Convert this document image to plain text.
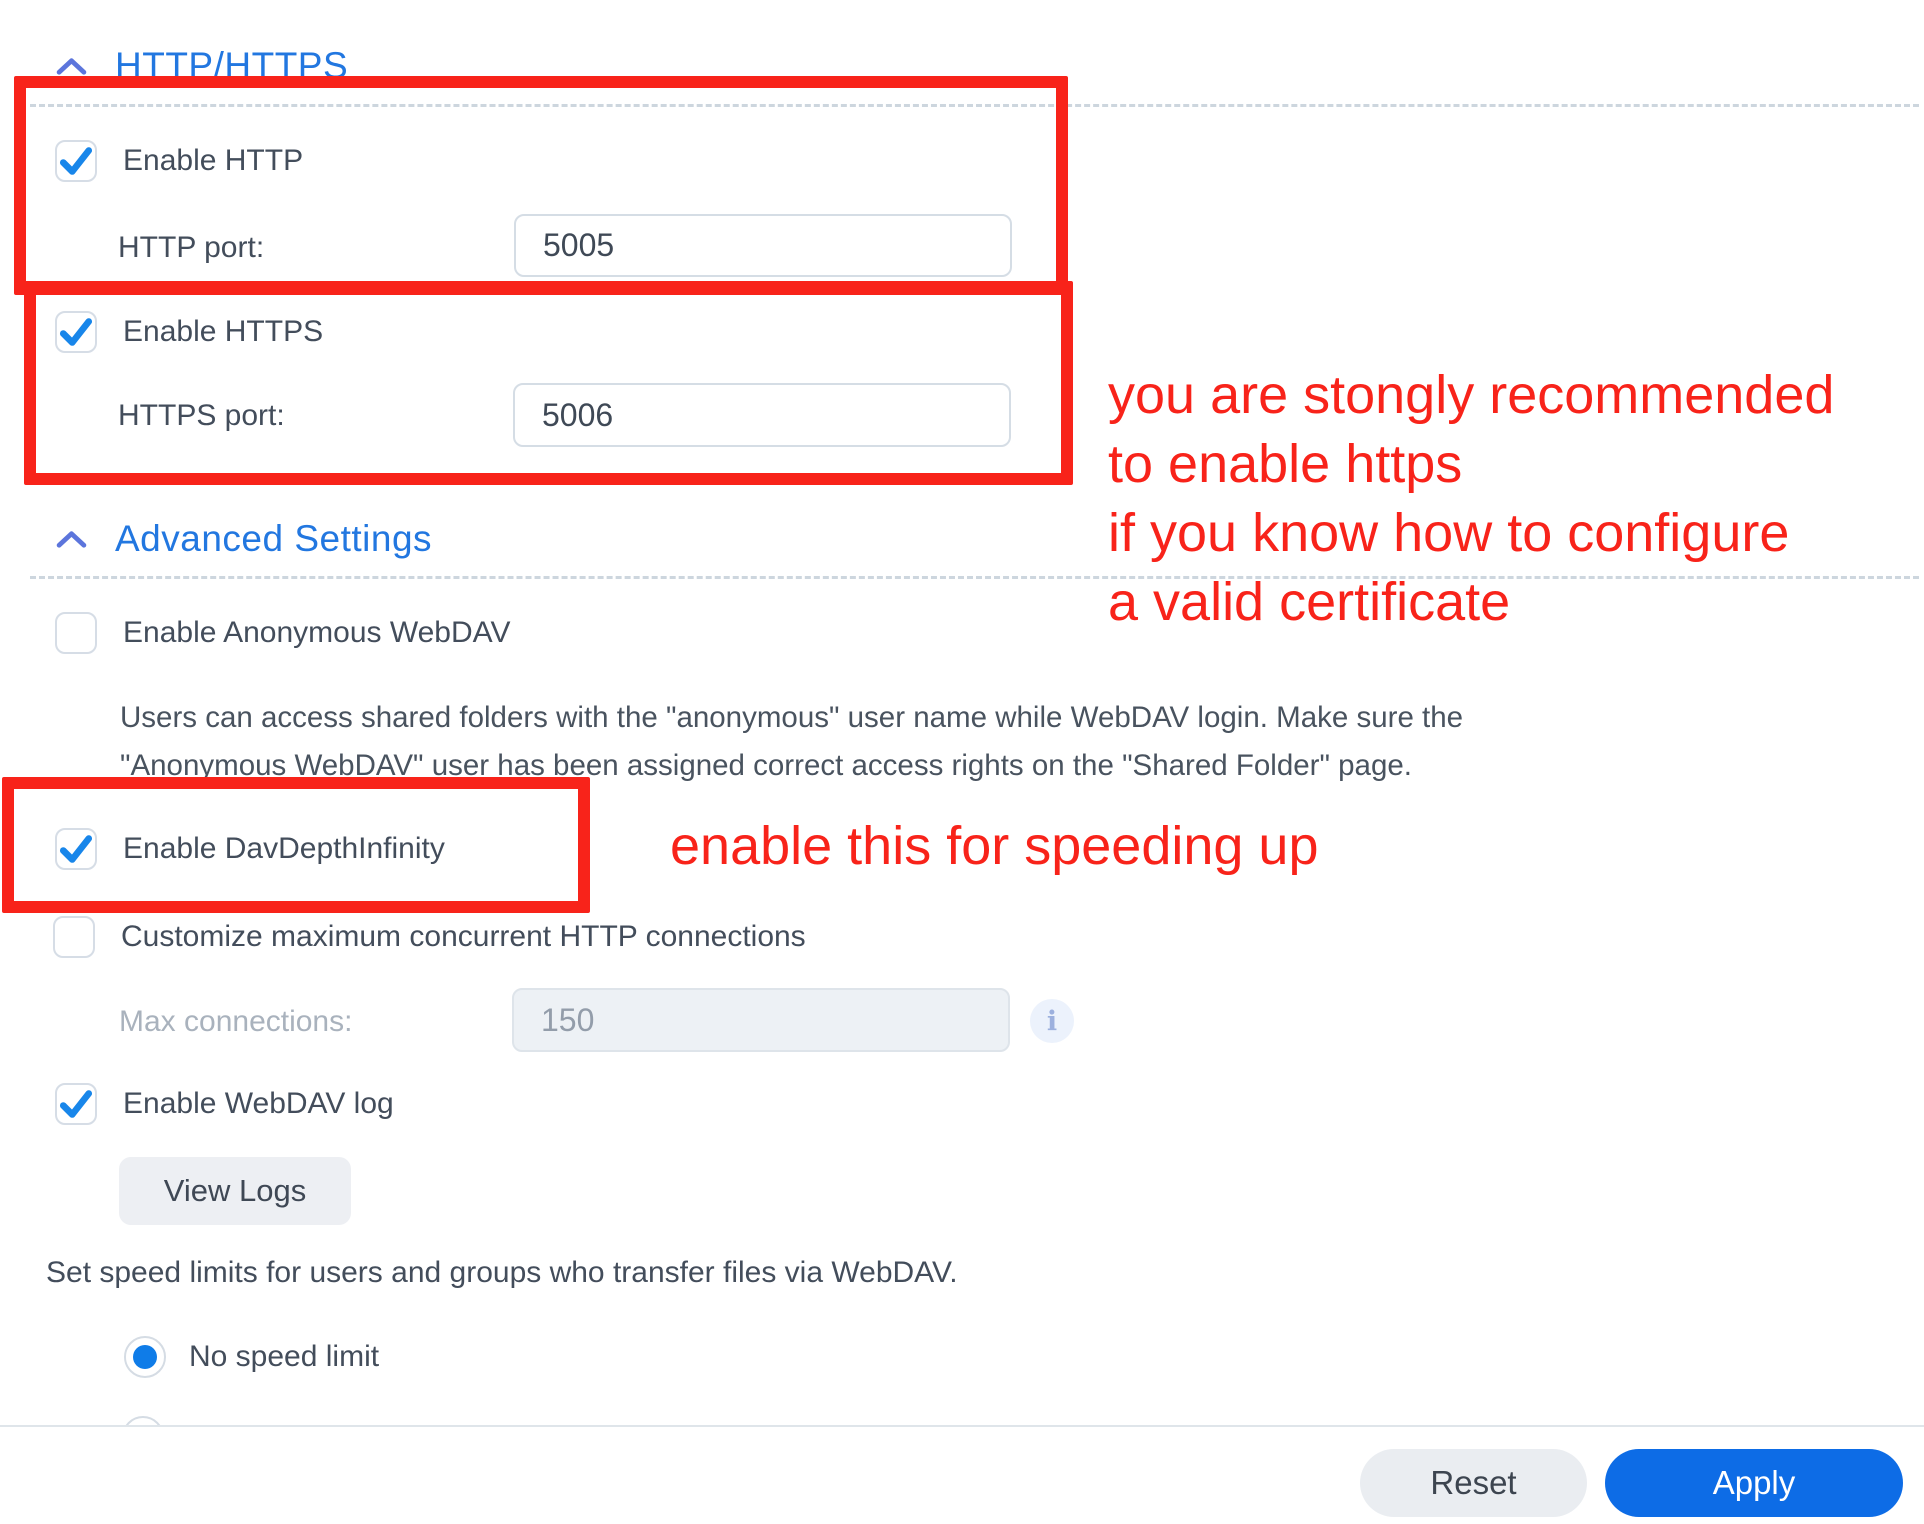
HTTP/HTTPS
Enable HTTP
HTTP port:
5005
Enable HTTPS
HTTPS port:
5006
Advanced Settings
Enable Anonymous WebDAV
Users can access shared folders with the "anonymous" user name while WebDAV login. Make sure the
"Anonymous WebDAV" user has been assigned correct access rights on the "Shared Folder" page.
Enable DavDepthInfinity
Customize maximum concurrent HTTP connections
Max connections:
150	i
Enable WebDAV log
View Logs
Set speed limits for users and groups who transfer files via WebDAV.
No speed limit
Reset	Apply
you are stongly recommended
to enable https
if you know how to configure
a valid certificate
enable this for speeding up
